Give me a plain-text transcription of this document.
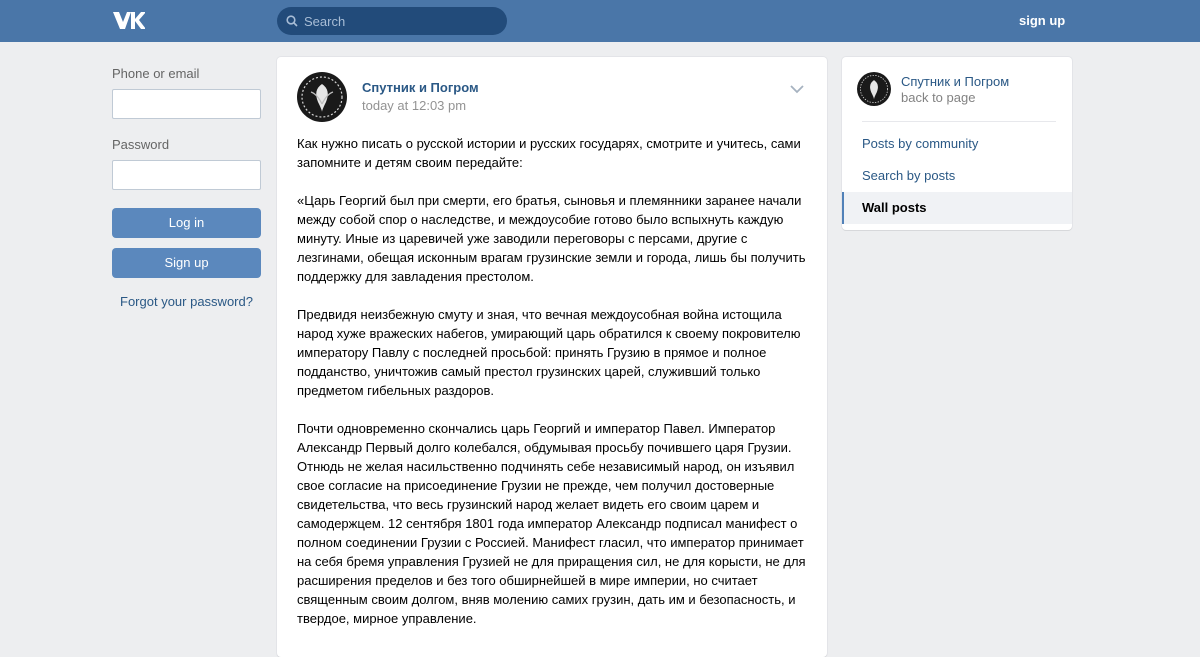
Search
sign up
Phone or email
Password
Log in
Sign up
Forgot your password?
Спутник и Погром
today at 12:03 pm

Как нужно писать о русской истории и русских государях, смотрите и учитесь, сами запомните и детям своим передайте:

«Царь Георгий был при смерти, его братья, сыновья и племянники заранее начали между собой спор о наследстве, и междоусобие готово было вспыхнуть каждую минуту. Иные из царевичей уже заводили переговоры с персами, другие с лезгинами, обещая исконным врагам грузинские земли и города, лишь бы получить поддержку для завладения престолом.

Предвидя неизбежную смуту и зная, что вечная междоусобная война истощила народ хуже вражеских набегов, умирающий царь обратился к своему покровителю императору Павлу с последней просьбой: принять Грузию в прямое и полное подданство, уничтожив самый престол грузинских царей, служивший только предметом гибельных раздоров.

Почти одновременно скончались царь Георгий и император Павел. Император Александр Первый долго колебался, обдумывая просьбу почившего царя Грузии. Отнюдь не желая насильственно подчинять себе независимый народ, он изъявил свое согласие на присоединение Грузии не прежде, чем получил достоверные свидетельства, что весь грузинский народ желает видеть его своим царем и самодержцем. 12 сентября 1801 года император Александр подписал манифест о полном соединении Грузии с Россией. Манифест гласил, что император принимает на себя бремя управления Грузией не для приращения сил, не для корысти, не для расширения пределов и без того обширнейшей в мире империи, но считает священным своим долгом, вняв молению самих грузин, дать им и безопасность, и твердое, мирное управление.

Спутник и Погром
back to page
Posts by community
Search by posts
Wall posts
